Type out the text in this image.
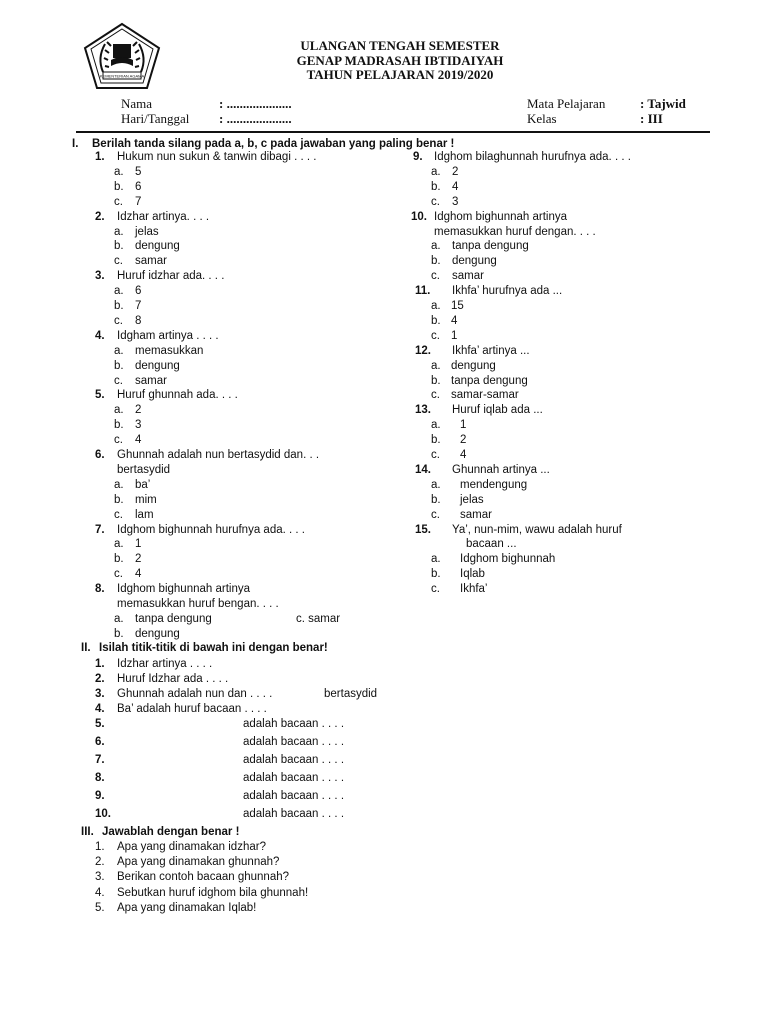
KEMENTERIAN AGAMA
ULANGAN TENGAH SEMESTER
GENAP MADRASAH IBTIDAIYAH
TAHUN PELAJARAN 2019/2020
Nama	: ....................
Hari/Tanggal : ....................
Mata Pelajaran	: Tajwid
Kelas	: III
I. Berilah tanda silang pada a, b, c pada jawaban yang paling benar !
1. Hukum nun sukun & tanwin dibagi . . . .
a. 5
b. 6
c. 7
2. Idzhar artinya. . . .
a. jelas
b. dengung
c. samar
3. Huruf idzhar ada. . . .
a. 6
b. 7
c. 8
4. Idgham artinya . . . .
a. memasukkan
b. dengung
c. samar
5. Huruf ghunnah ada. . . .
a. 2
b. 3
c. 4
6. Ghunnah adalah nun bertasydid dan. . .
bertasydid
a. ba’
b. mim
c. lam
7. Idghom bighunnah hurufnya ada. . . .
a. 1
b. 2
c. 4
8. Idghom bighunnah artinya
memasukkan huruf bengan. . . .
a. tanpa dengung	c. samar
b. dengung
9. Idghom bilaghunnah hurufnya ada. . . .
a. 2
b. 4
c. 3
10. Idghom bighunnah artinya
memasukkan huruf dengan. . . .
a. tanpa dengung
b. dengung
c. samar
11. Ikhfa’ hurufnya ada ...
a. 15
b. 4
c. 1
12. Ikhfa’ artinya ...
a. dengung
b. tanpa dengung
c. samar-samar
13. Huruf iqlab ada ...
a. 1
b. 2
c. 4
14. Ghunnah artinya ...
a. mendengung
b. jelas
c. samar
15. Ya’, nun-mim, wawu adalah huruf
bacaan ...
a. Idghom bighunnah
b. Iqlab
c. Ikhfa’
II. Isilah titik-titik di bawah ini dengan benar!
1. Idzhar artinya . . . .
2. Huruf Idzhar ada . . . .
3. Ghunnah adalah nun dan . . . .	bertasydid
4. Ba’ adalah huruf bacaan . . . .
5.	adalah bacaan . . . .
6.	adalah bacaan . . . .
7.	adalah bacaan . . . .
8.	adalah bacaan . . . .
9.	adalah bacaan . . . .
10.	adalah bacaan . . . .
III. Jawablah dengan benar !
1. Apa yang dinamakan idzhar?
2. Apa yang dinamakan ghunnah?
3. Berikan contoh bacaan ghunnah?
4. Sebutkan huruf idghom bila ghunnah!
5. Apa yang dinamakan Iqlab!
